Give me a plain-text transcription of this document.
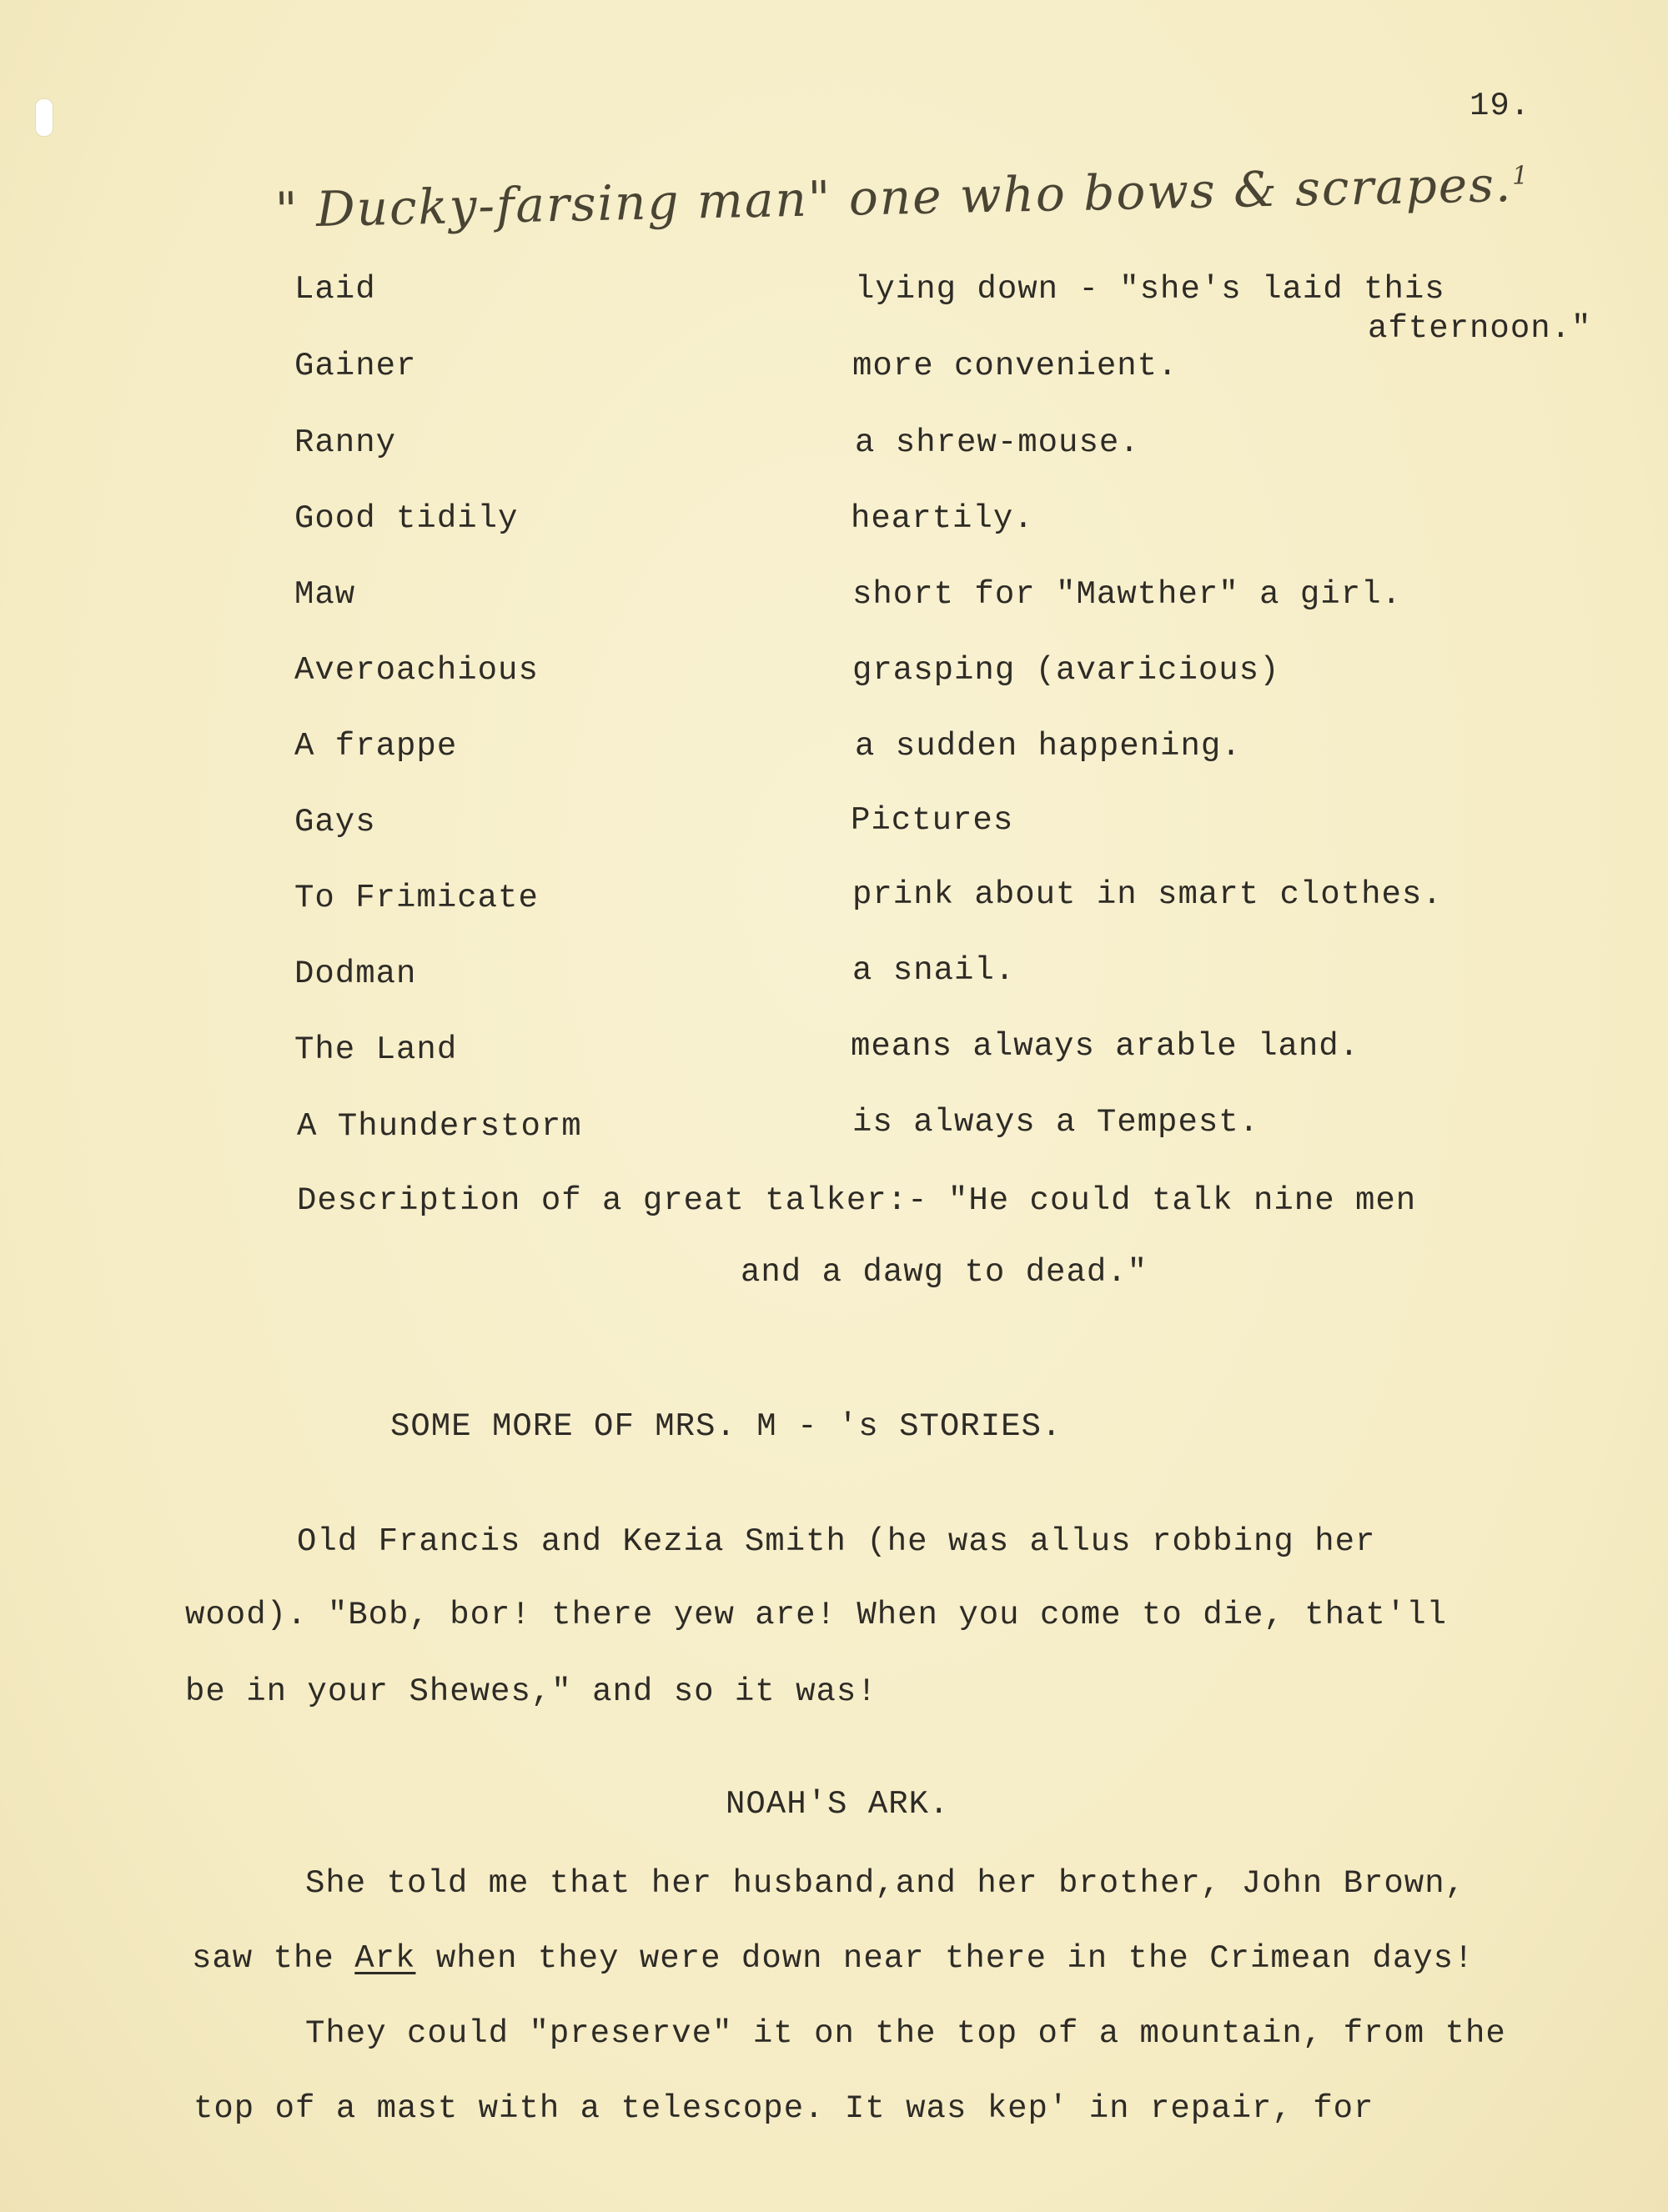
19.
" Ducky-farsing man" one who bows & scrapes.$^1$
Laid	lying down - "she's laid this
afternoon."
Gainer	more convenient.
Ranny	a shrew-mouse.
Good tidily	heartily.
Maw	short for "Mawther" a girl.
Averoachious	grasping (avaricious)
A frappe	a sudden happening.
Gays	Pictures
To Frimicate	prink about in smart clothes.
Dodman	a snail.
The Land	means always arable land.
A Thunderstorm	is always a Tempest.
Description of a great talker:- "He could talk nine men
and a dawg to dead."
SOME MORE OF MRS. M - 's STORIES.
Old Francis and Kezia Smith (he was allus robbing her
wood). "Bob, bor! there yew are! When you come to die, that'll
be in your Shewes," and so it was!
NOAH'S ARK.
She told me that her husband,and her brother, John Brown,
saw the Ark when they were down near there in the Crimean days!
They could "preserve" it on the top of a mountain, from the
top of a mast with a telescope. It was kep' in repair, for
